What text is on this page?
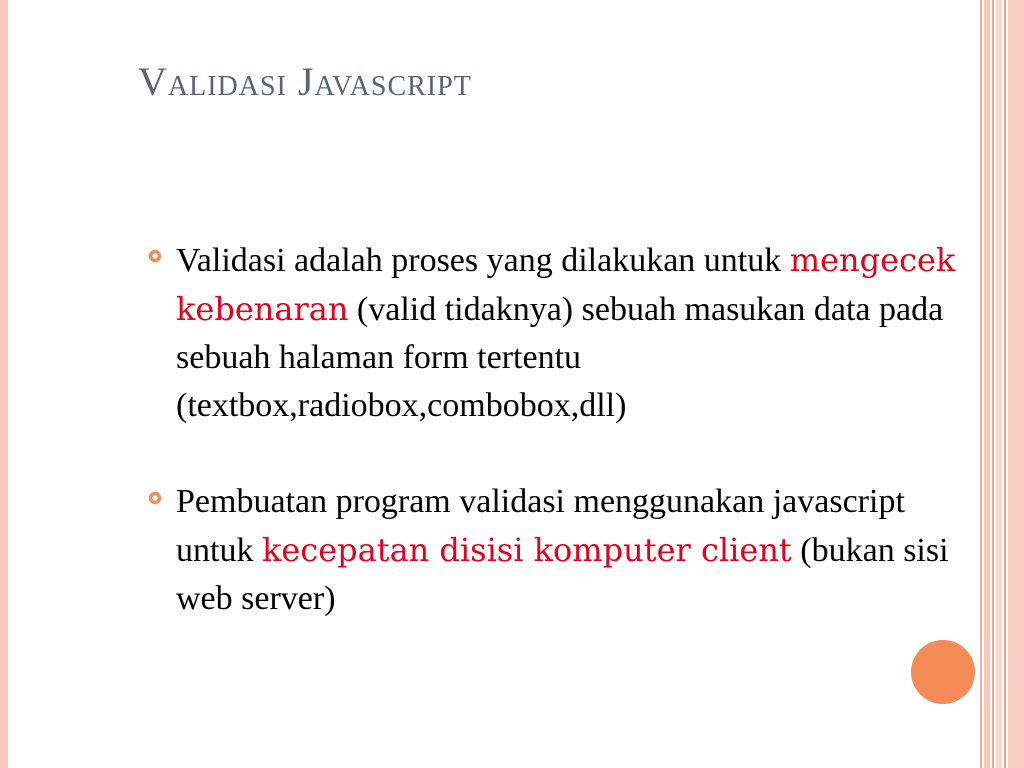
Validasi Javascript
Validasi adalah proses yang dilakukan untuk mengecek kebenaran (valid tidaknya) sebuah masukan data pada sebuah halaman form tertentu (textbox,radiobox,combobox,dll)
Pembuatan program validasi menggunakan javascript untuk kecepatan disisi komputer client (bukan sisi web server)
